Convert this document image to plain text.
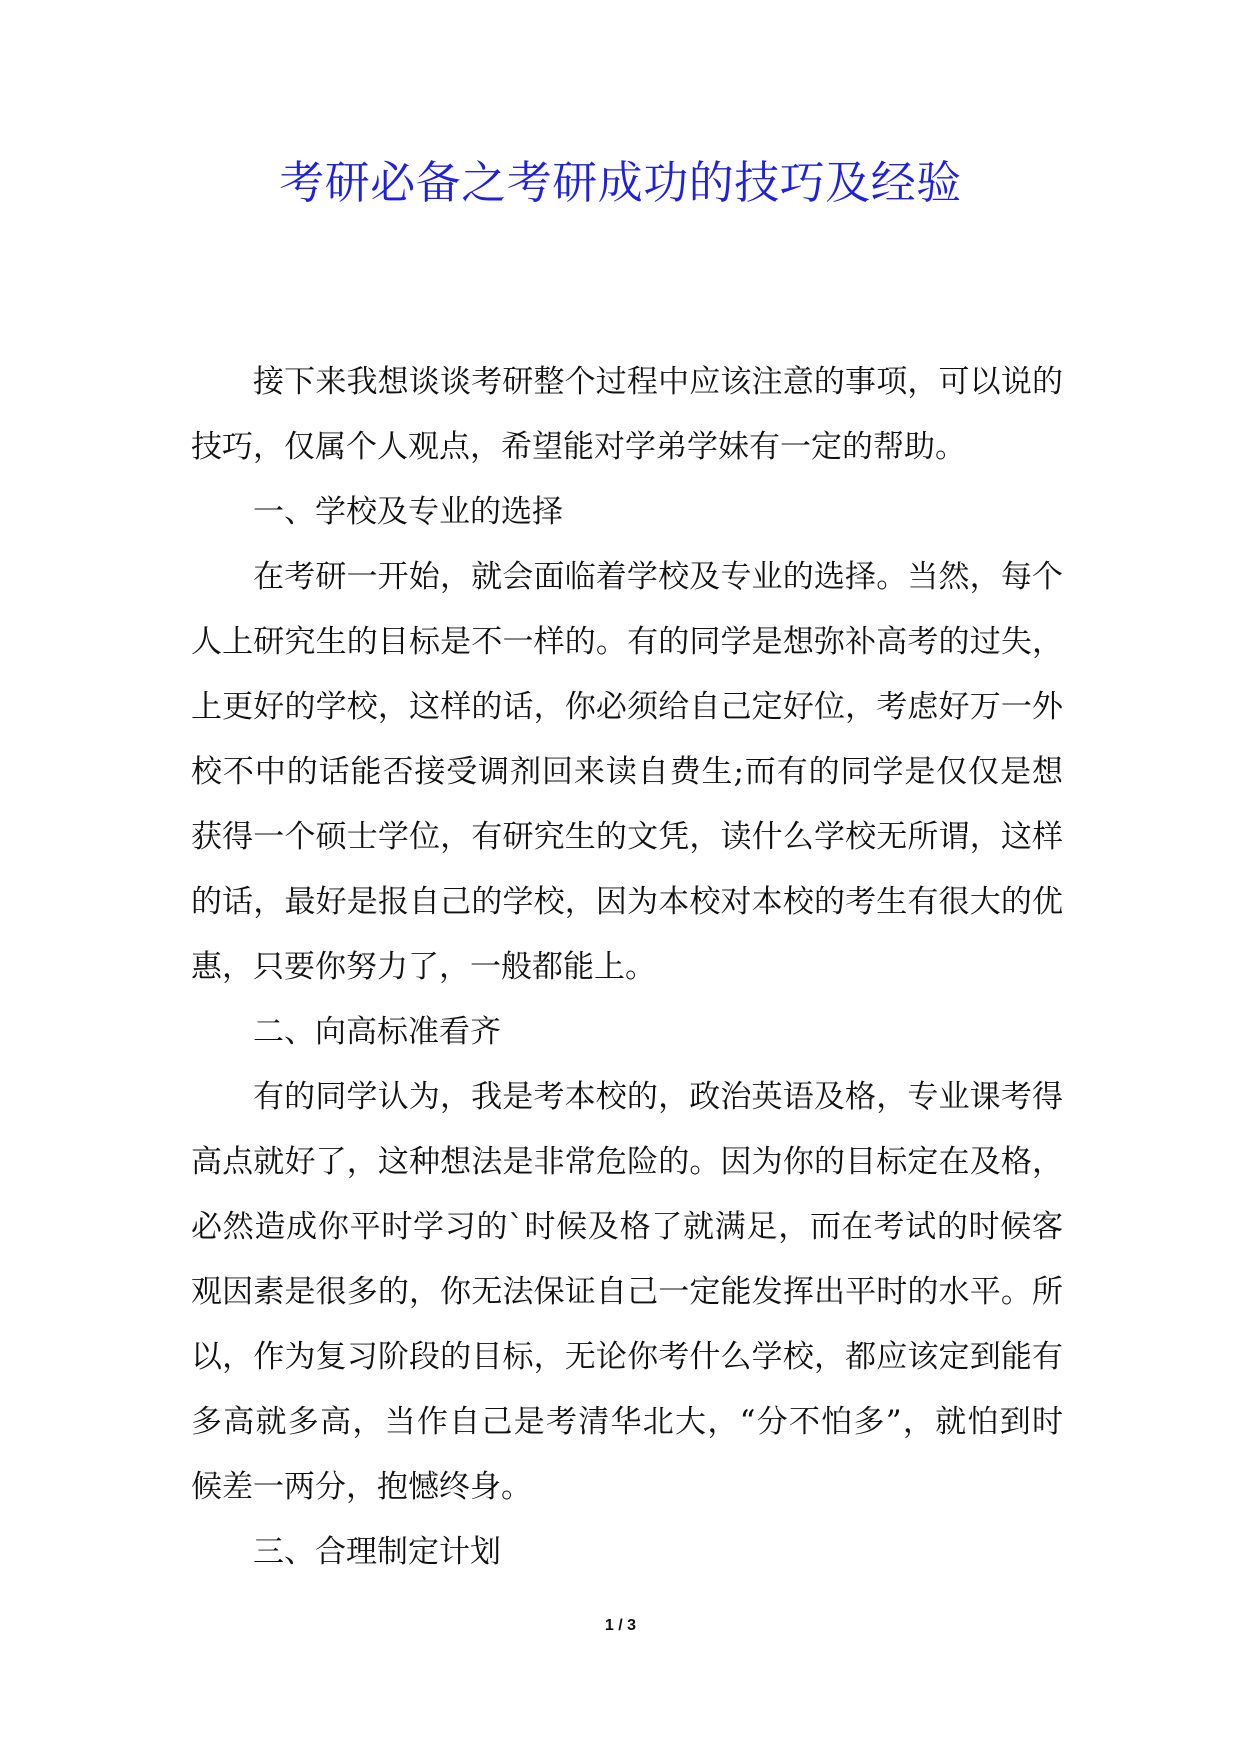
考研必备之考研成功的技巧及经验
接下来我想谈谈考研整个过程中应该注意的事项，可以说的
技巧，仅属个人观点，希望能对学弟学妹有一定的帮助。
一、学校及专业的选择
在考研一开始，就会面临着学校及专业的选择。当然，每个
人上研究生的目标是不一样的。有的同学是想弥补高考的过失，
上更好的学校，这样的话，你必须给自己定好位，考虑好万一外
校不中的话能否接受调剂回来读自费生;而有的同学是仅仅是想
获得一个硕士学位，有研究生的文凭，读什么学校无所谓，这样
的话，最好是报自己的学校，因为本校对本校的考生有很大的优
惠，只要你努力了，一般都能上。
二、向高标准看齐
有的同学认为，我是考本校的，政治英语及格，专业课考得
高点就好了，这种想法是非常危险的。因为你的目标定在及格，
必然造成你平时学习的`时候及格了就满足，而在考试的时候客
观因素是很多的，你无法保证自己一定能发挥出平时的水平。所
以，作为复习阶段的目标，无论你考什么学校，都应该定到能有
多高就多高，当作自己是考清华北大，“分不怕多”，就怕到时
候差一两分，抱憾终身。
三、合理制定计划
1 / 3
